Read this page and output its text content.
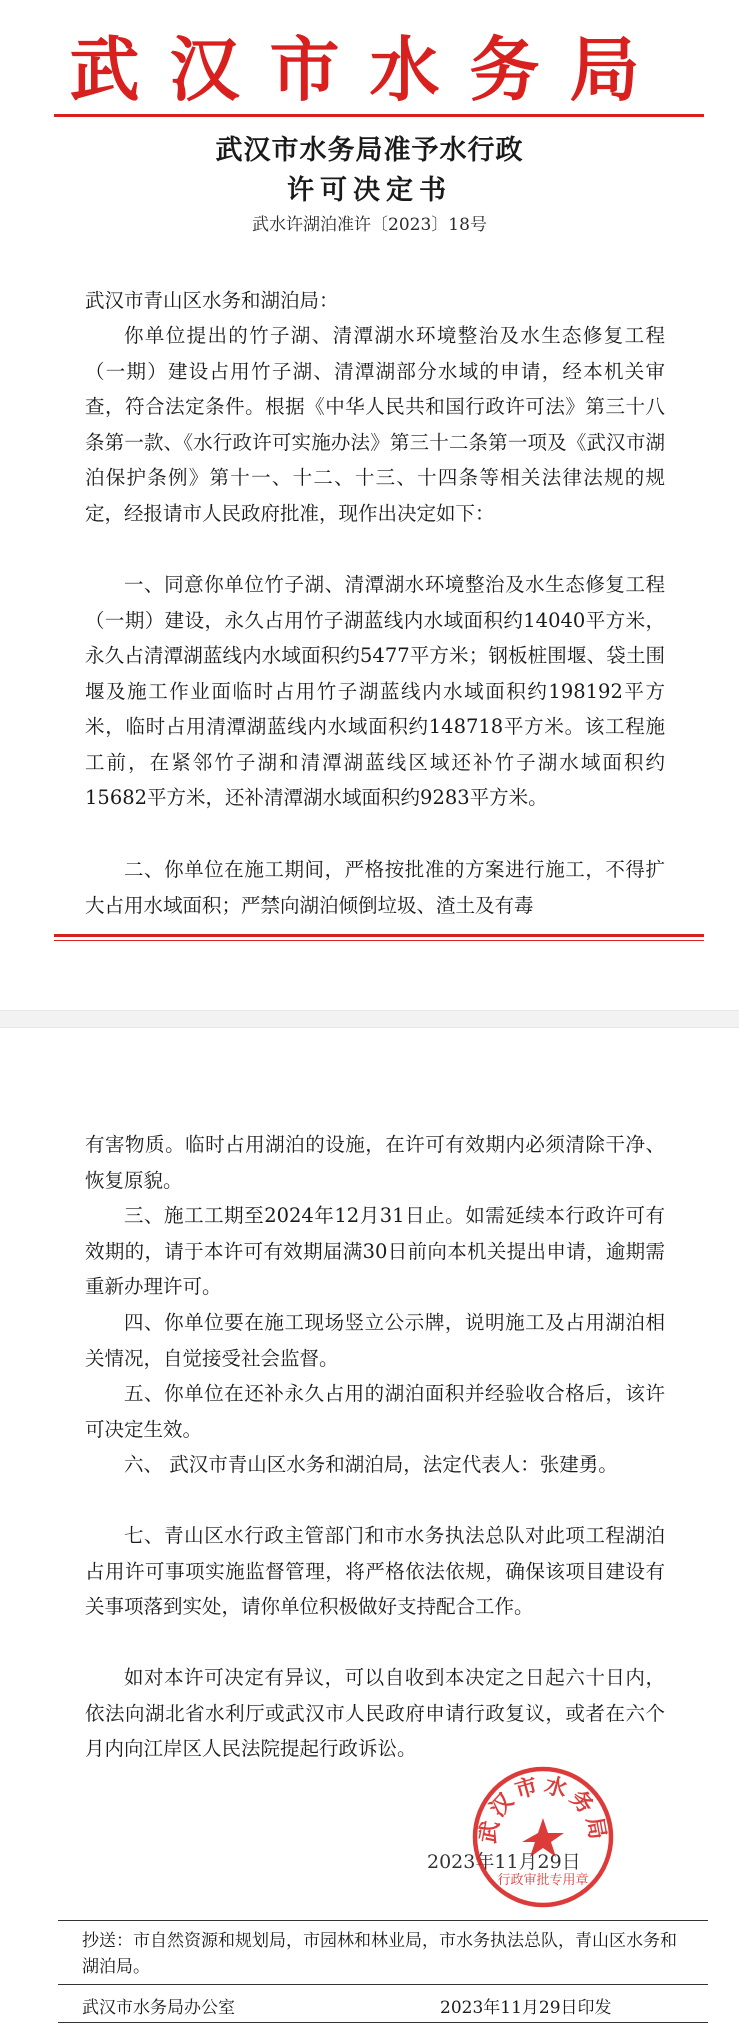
武汉市水务局
武汉市水务局准予水行政
许可决定书
武水许湖泊准许〔2023〕18号

武汉市青山区水务和湖泊局：

你单位提出的竹子湖、清潭湖水环境整治及水生态修复工程（一期）建设占用竹子湖、清潭湖部分水域的申请，经本机关审查，符合法定条件。根据《中华人民共和国行政许可法》第三十八条第一款、《水行政许可实施办法》第三十二条第一项及《武汉市湖泊保护条例》第十一、十二、十三、十四条等相关法律法规的规定，经报请市人民政府批准，现作出决定如下：

一、同意你单位竹子湖、清潭湖水环境整治及水生态修复工程（一期）建设，永久占用竹子湖蓝线内水域面积约14040平方米，永久占清潭湖蓝线内水域面积约5477平方米；钢板桩围堰、袋土围堰及施工作业面临时占用竹子湖蓝线内水域面积约198192平方米，临时占用清潭湖蓝线内水域面积约148718平方米。该工程施工前，在紧邻竹子湖和清潭湖蓝线区域还补竹子湖水域面积约15682平方米，还补清潭湖水域面积约9283平方米。

二、你单位在施工期间，严格按批准的方案进行施工，不得扩大占用水域面积；严禁向湖泊倾倒垃圾、渣土及有毒

有害物质。临时占用湖泊的设施，在许可有效期内必须清除干净、恢复原貌。

三、施工工期至2024年12月31日止。如需延续本行政许可有效期的，请于本许可有效期届满30日前向本机关提出申请，逾期需重新办理许可。

四、你单位要在施工现场竖立公示牌，说明施工及占用湖泊相关情况，自觉接受社会监督。

五、你单位在还补永久占用的湖泊面积并经验收合格后，该许可决定生效。

六、 武汉市青山区水务和湖泊局，法定代表人：张建勇。

七、青山区水行政主管部门和市水务执法总队对此项工程湖泊占用许可事项实施监督管理，将严格依法依规，确保该项目建设有关事项落到实处，请你单位积极做好支持配合工作。

如对本许可决定有异议，可以自收到本决定之日起六十日内，依法向湖北省水利厅或武汉市人民政府申请行政复议，或者在六个月内向江岸区人民法院提起行政诉讼。

2023年11月29日
武汉市水务局
行政审批专用章

抄送：市自然资源和规划局，市园林和林业局，市水务执法总队，青山区水务和湖泊局。

武汉市水务局办公室	2023年11月29日印发
